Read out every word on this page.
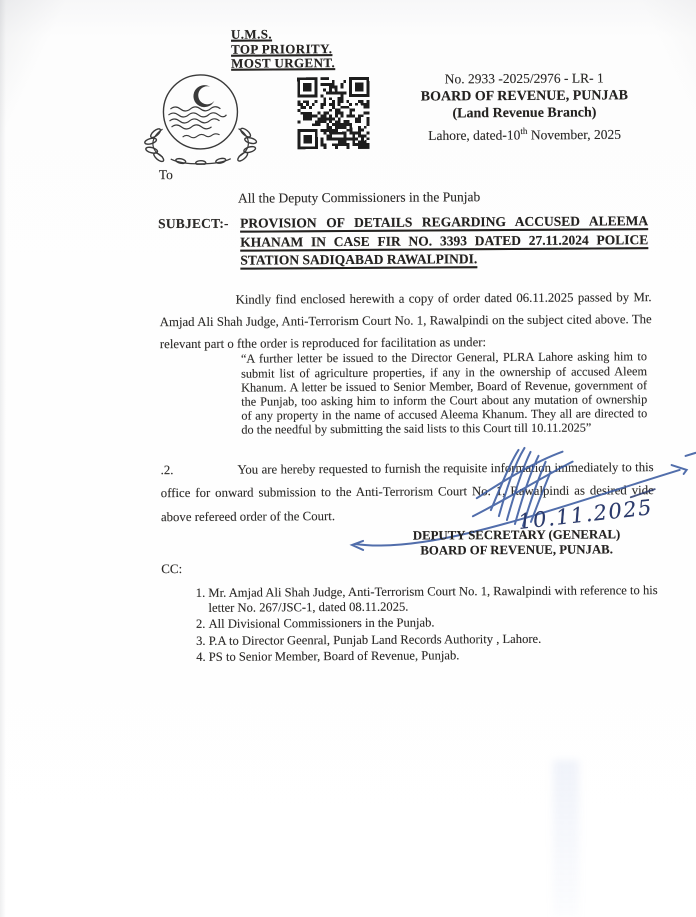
U.M.S.
TOP PRIORITY.
MOST URGENT.
No. 2933 -2025/2976 - LR- 1
BOARD OF REVENUE, PUNJAB
(Land Revenue Branch)
Lahore, dated-10th November, 2025
To
All the Deputy Commissioners in the Punjab
SUBJECT:- PROVISION OF DETAILS REGARDING ACCUSED ALEEMA KHANAM IN CASE FIR NO. 3393 DATED 27.11.2024 POLICE STATION SADIQABAD RAWALPINDI.

Kindly find enclosed herewith a copy of order dated 06.11.2025 passed by Mr. Amjad Ali Shah Judge, Anti-Terrorism Court No. 1, Rawalpindi on the subject cited above. The relevant part o fthe order is reproduced for facilitation as under:

“A further letter be issued to the Director General, PLRA Lahore asking him to submit list of agriculture properties, if any in the ownership of accused Aleem Khanum. A letter be issued to Senior Member, Board of Revenue, government of the Punjab, too asking him to inform the Court about any mutation of ownership of any property in the name of accused Aleema Khanum. They all are directed to do the needful by submitting the said lists to this Court till 10.11.2025”

.2.	You are hereby requested to furnish the requisite information immediately to this office for onward submission to the Anti-Terrorism Court No. 1, Rawalpindi as desired vide above refereed order of the Court.	10.11.2025
DEPUTY SECRETARY (GENERAL)
BOARD OF REVENUE, PUNJAB.
CC:
1. Mr. Amjad Ali Shah Judge, Anti-Terrorism Court No. 1, Rawalpindi with reference to his letter No. 267/JSC-1, dated 08.11.2025.
2. All Divisional Commissioners in the Punjab.
3. P.A to Director Geenral, Punjab Land Records Authority , Lahore.
4. PS to Senior Member, Board of Revenue, Punjab.
